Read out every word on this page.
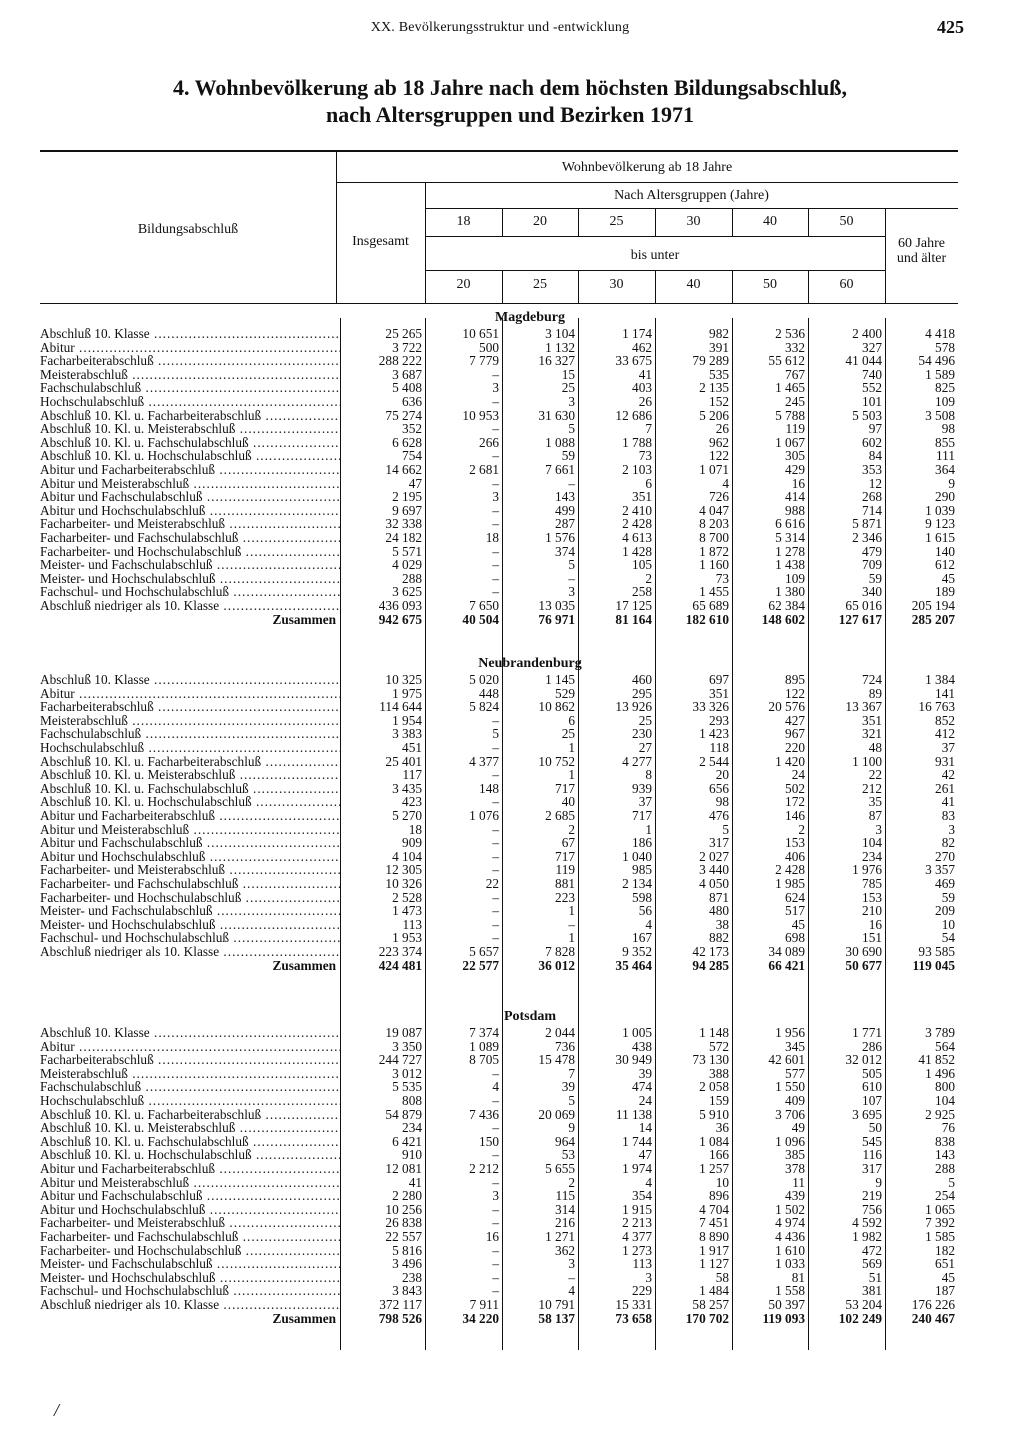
XX. Bevölkerungsstruktur und -entwicklung	425
4. Wohnbevölkerung ab 18 Jahre nach dem höchsten Bildungsabschluß,
nach Altersgruppen und Bezirken 1971
Bildungsabschluß
Insgesamt
Wohnbevölkerung ab 18 Jahre
Nach Altersgruppen (Jahre)
18	20	25	30	40	50
bis unter
20	25	30	40	50	60
60 Jahre
und älter
Magdeburg
Abschluß 10. Klasse .....	25 265	10 651	3 104	1 174	982	2 536	2 400	4 418
Abitur .....	3 722	500	1 132	462	391	332	327	578
Facharbeiterabschluß .....	288 222	7 779	16 327	33 675	79 289	55 612	41 044	54 496
Meisterabschluß .....	3 687	–	15	41	535	767	740	1 589
Fachschulabschluß .....	5 408	3	25	403	2 135	1 465	552	825
Hochschulabschluß .....	636	–	3	26	152	245	101	109
Abschluß 10. Kl. u. Facharbeiterabschluß .....	75 274	10 953	31 630	12 686	5 206	5 788	5 503	3 508
Abschluß 10. Kl. u. Meisterabschluß .....	352	–	5	7	26	119	97	98
Abschluß 10. Kl. u. Fachschulabschluß .....	6 628	266	1 088	1 788	962	1 067	602	855
Abschluß 10. Kl. u. Hochschulabschluß .....	754	–	59	73	122	305	84	111
Abitur und Facharbeiterabschluß .....	14 662	2 681	7 661	2 103	1 071	429	353	364
Abitur und Meisterabschluß .....	47	–	–	6	4	16	12	9
Abitur und Fachschulabschluß .....	2 195	3	143	351	726	414	268	290
Abitur und Hochschulabschluß .....	9 697	–	499	2 410	4 047	988	714	1 039
Facharbeiter- und Meisterabschluß .....	32 338	–	287	2 428	8 203	6 616	5 871	9 123
Facharbeiter- und Fachschulabschluß .....	24 182	18	1 576	4 613	8 700	5 314	2 346	1 615
Facharbeiter- und Hochschulabschluß .....	5 571	–	374	1 428	1 872	1 278	479	140
Meister- und Fachschulabschluß .....	4 029	–	5	105	1 160	1 438	709	612
Meister- und Hochschulabschluß .....	288	–	–	2	73	109	59	45
Fachschul- und Hochschulabschluß .....	3 625	–	3	258	1 455	1 380	340	189
Abschluß niedriger als 10. Klasse .....	436 093	7 650	13 035	17 125	65 689	62 384	65 016	205 194
Zusammen	942 675	40 504	76 971	81 164	182 610	148 602	127 617	285 207
Neubrandenburg
Abschluß 10. Klasse .....	10 325	5 020	1 145	460	697	895	724	1 384
Abitur .....	1 975	448	529	295	351	122	89	141
Facharbeiterabschluß .....	114 644	5 824	10 862	13 926	33 326	20 576	13 367	16 763
Meisterabschluß .....	1 954	–	6	25	293	427	351	852
Fachschulabschluß .....	3 383	5	25	230	1 423	967	321	412
Hochschulabschluß .....	451	–	1	27	118	220	48	37
Abschluß 10. Kl. u. Facharbeiterabschluß .....	25 401	4 377	10 752	4 277	2 544	1 420	1 100	931
Abschluß 10. Kl. u. Meisterabschluß .....	117	–	1	8	20	24	22	42
Abschluß 10. Kl. u. Fachschulabschluß .....	3 435	148	717	939	656	502	212	261
Abschluß 10. Kl. u. Hochschulabschluß .....	423	–	40	37	98	172	35	41
Abitur und Facharbeiterabschluß .....	5 270	1 076	2 685	717	476	146	87	83
Abitur und Meisterabschluß .....	18	–	2	1	5	2	3	3
Abitur und Fachschulabschluß .....	909	–	67	186	317	153	104	82
Abitur und Hochschulabschluß .....	4 104	–	717	1 040	2 027	406	234	270
Facharbeiter- und Meisterabschluß .....	12 305	–	119	985	3 440	2 428	1 976	3 357
Facharbeiter- und Fachschulabschluß .....	10 326	22	881	2 134	4 050	1 985	785	469
Facharbeiter- und Hochschulabschluß .....	2 528	–	223	598	871	624	153	59
Meister- und Fachschulabschluß .....	1 473	–	1	56	480	517	210	209
Meister- und Hochschulabschluß .....	113	–	–	4	38	45	16	10
Fachschul- und Hochschulabschluß .....	1 953	–	1	167	882	698	151	54
Abschluß niedriger als 10. Klasse .....	223 374	5 657	7 828	9 352	42 173	34 089	30 690	93 585
Zusammen	424 481	22 577	36 012	35 464	94 285	66 421	50 677	119 045
Potsdam
Abschluß 10. Klasse .....	19 087	7 374	2 044	1 005	1 148	1 956	1 771	3 789
Abitur .....	3 350	1 089	736	438	572	345	286	564
Facharbeiterabschluß .....	244 727	8 705	15 478	30 949	73 130	42 601	32 012	41 852
Meisterabschluß .....	3 012	–	7	39	388	577	505	1 496
Fachschulabschluß .....	5 535	4	39	474	2 058	1 550	610	800
Hochschulabschluß .....	808	–	5	24	159	409	107	104
Abschluß 10. Kl. u. Facharbeiterabschluß .....	54 879	7 436	20 069	11 138	5 910	3 706	3 695	2 925
Abschluß 10. Kl. u. Meisterabschluß .....	234	–	9	14	36	49	50	76
Abschluß 10. Kl. u. Fachschulabschluß .....	6 421	150	964	1 744	1 084	1 096	545	838
Abschluß 10. Kl. u. Hochschulabschluß .....	910	–	53	47	166	385	116	143
Abitur und Facharbeiterabschluß .....	12 081	2 212	5 655	1 974	1 257	378	317	288
Abitur und Meisterabschluß .....	41	–	2	4	10	11	9	5
Abitur und Fachschulabschluß .....	2 280	3	115	354	896	439	219	254
Abitur und Hochschulabschluß .....	10 256	–	314	1 915	4 704	1 502	756	1 065
Facharbeiter- und Meisterabschluß .....	26 838	–	216	2 213	7 451	4 974	4 592	7 392
Facharbeiter- und Fachschulabschluß .....	22 557	16	1 271	4 377	8 890	4 436	1 982	1 585
Facharbeiter- und Hochschulabschluß .....	5 816	–	362	1 273	1 917	1 610	472	182
Meister- und Fachschulabschluß .....	3 496	–	3	113	1 127	1 033	569	651
Meister- und Hochschulabschluß .....	238	–	–	3	58	81	51	45
Fachschul- und Hochschulabschluß .....	3 843	–	4	229	1 484	1 558	381	187
Abschluß niedriger als 10. Klasse .....	372 117	7 911	10 791	15 331	58 257	50 397	53 204	176 226
Zusammen	798 526	34 220	58 137	73 658	170 702	119 093	102 249	240 467
/
